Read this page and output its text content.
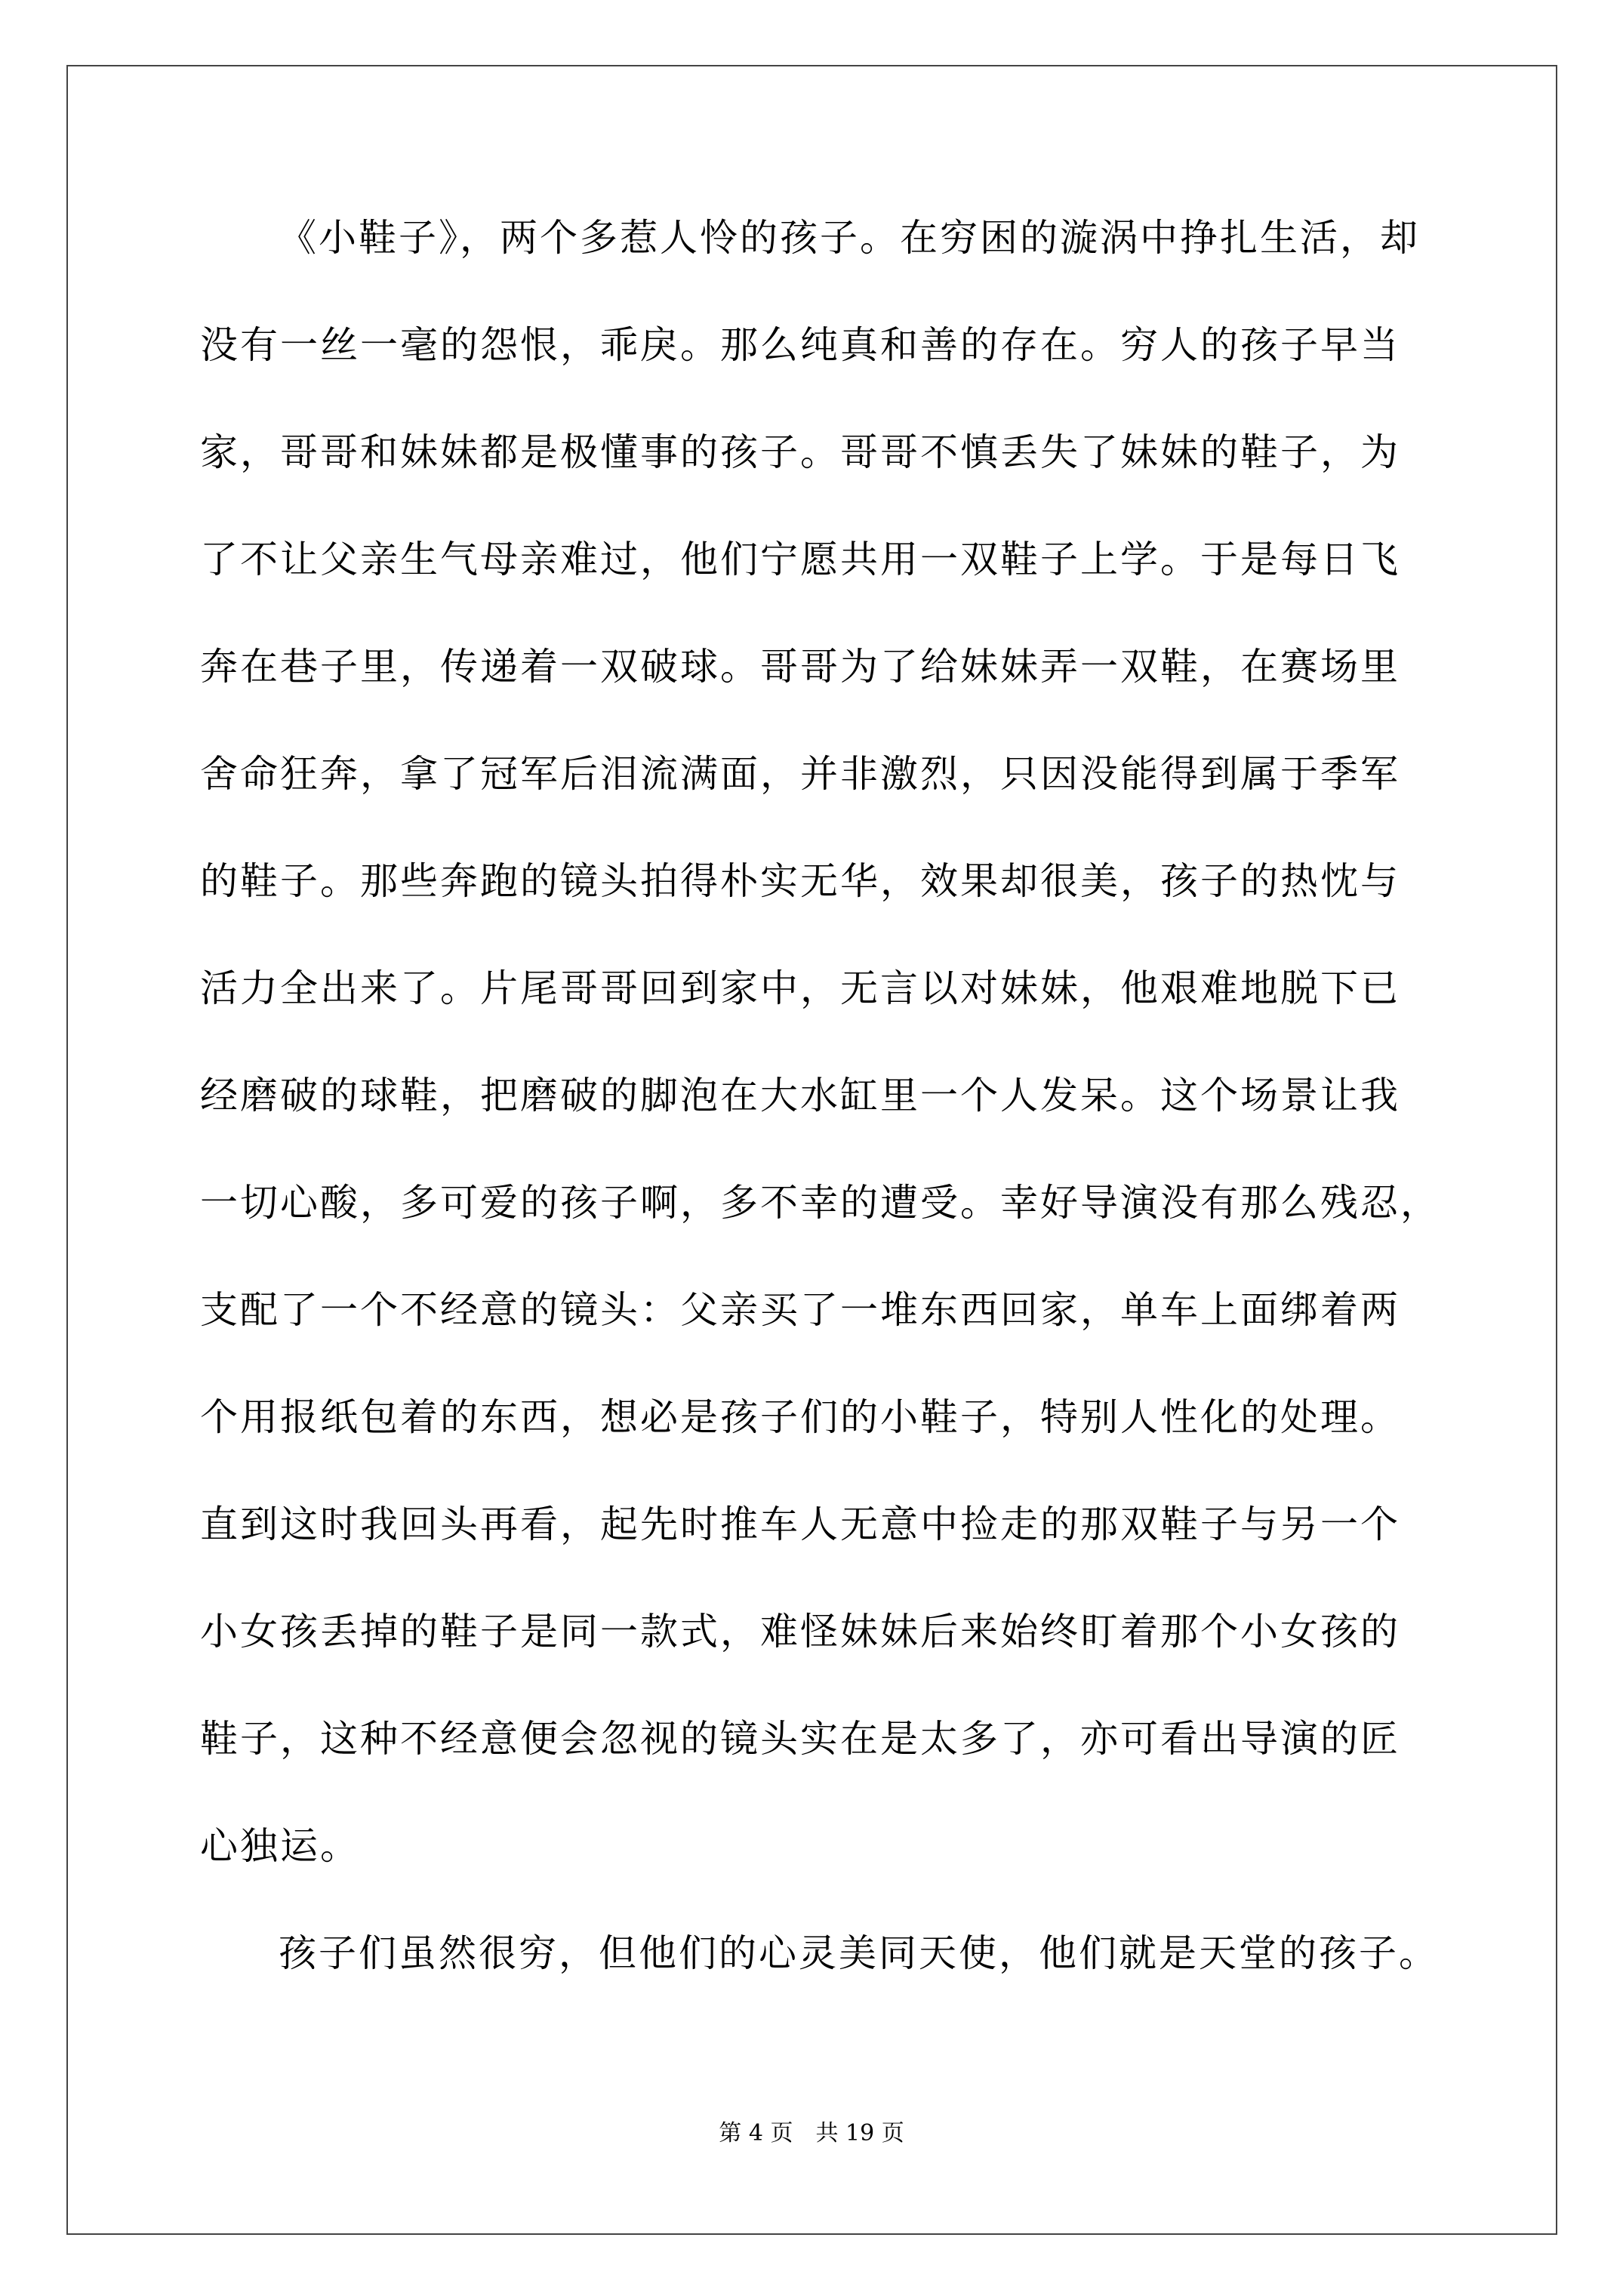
《小鞋子》，两个多惹人怜的孩子。在穷困的漩涡中挣扎生活，却
没有一丝一毫的怨恨，乖戾。那么纯真和善的存在。穷人的孩子早当
家，哥哥和妹妹都是极懂事的孩子。哥哥不慎丢失了妹妹的鞋子，为
了不让父亲生气母亲难过，他们宁愿共用一双鞋子上学。于是每日飞
奔在巷子里，传递着一双破球。哥哥为了给妹妹弄一双鞋，在赛场里
舍命狂奔，拿了冠军后泪流满面，并非激烈，只因没能得到属于季军
的鞋子。那些奔跑的镜头拍得朴实无华，效果却很美，孩子的热忱与
活力全出来了。片尾哥哥回到家中，无言以对妹妹，他艰难地脱下已
经磨破的球鞋，把磨破的脚泡在大水缸里一个人发呆。这个场景让我
一切心酸，多可爱的孩子啊，多不幸的遭受。幸好导演没有那么残忍，
支配了一个不经意的镜头：父亲买了一堆东西回家，单车上面绑着两
个用报纸包着的东西，想必是孩子们的小鞋子，特别人性化的处理。
直到这时我回头再看，起先时推车人无意中捡走的那双鞋子与另一个
小女孩丢掉的鞋子是同一款式，难怪妹妹后来始终盯着那个小女孩的
鞋子，这种不经意便会忽视的镜头实在是太多了，亦可看出导演的匠
心独运。
孩子们虽然很穷，但他们的心灵美同天使，他们就是天堂的孩子。
第 4 页　共 19 页
